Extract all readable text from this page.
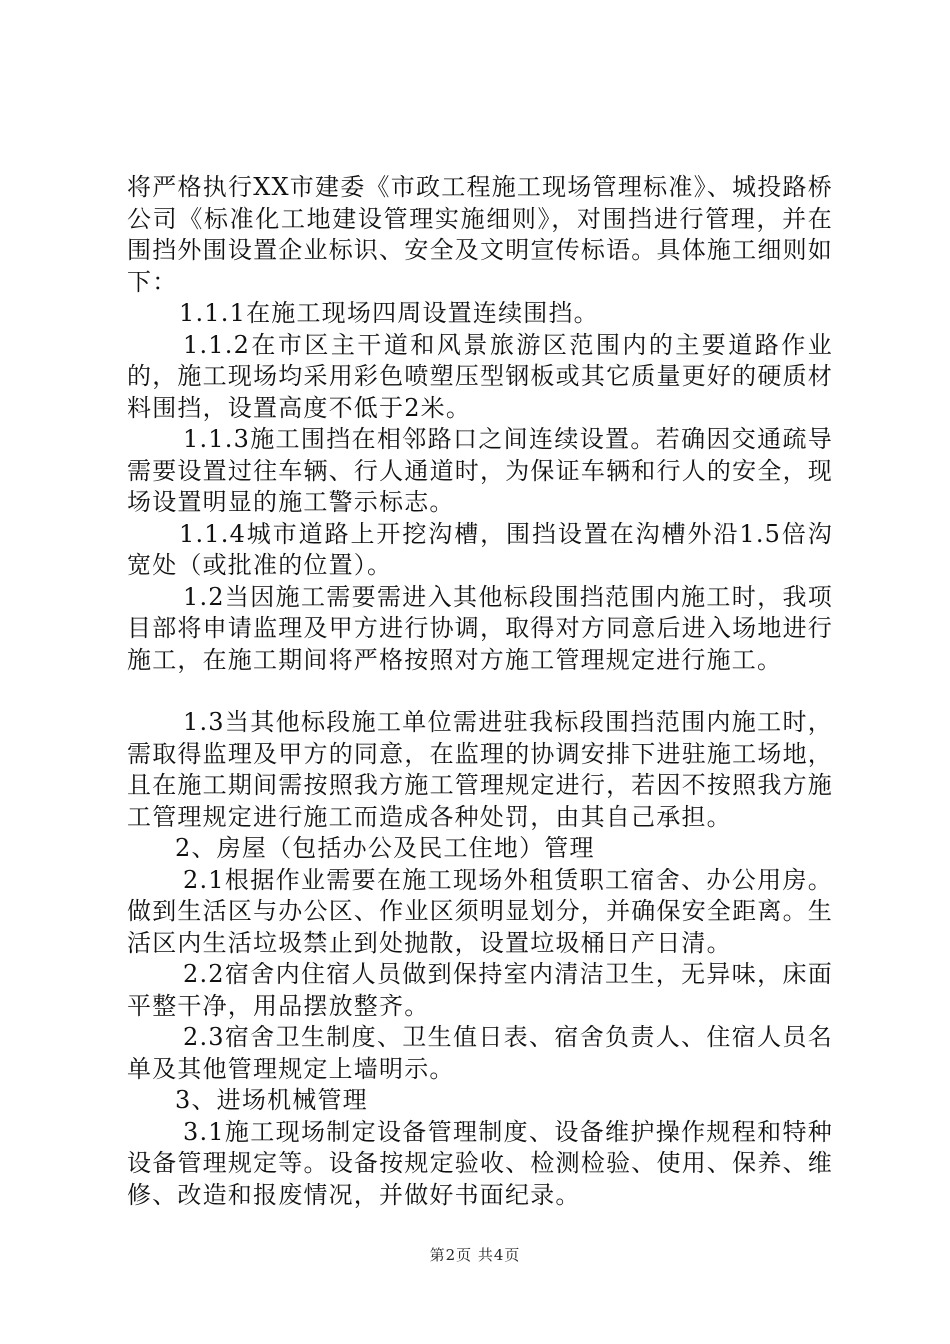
将严格执行XX市建委《市政工程施工现场管理标准》、城投路桥公司《标准化工地建设管理实施细则》，对围挡进行管理，并在围挡外围设置企业标识、安全及文明宣传标语。具体施工细则如下：

1.1.1在施工现场四周设置连续围挡。

1.1.2在市区主干道和风景旅游区范围内的主要道路作业的，施工现场均采用彩色喷塑压型钢板或其它质量更好的硬质材料围挡，设置高度不低于2米。

1.1.3施工围挡在相邻路口之间连续设置。若确因交通疏导需要设置过往车辆、行人通道时，为保证车辆和行人的安全，现场设置明显的施工警示标志。

1.1.4城市道路上开挖沟槽，围挡设置在沟槽外沿1.5倍沟宽处（或批准的位置）。

1.2当因施工需要需进入其他标段围挡范围内施工时，我项目部将申请监理及甲方进行协调，取得对方同意后进入场地进行施工，在施工期间将严格按照对方施工管理规定进行施工。

1.3当其他标段施工单位需进驻我标段围挡范围内施工时，需取得监理及甲方的同意，在监理的协调安排下进驻施工场地，且在施工期间需按照我方施工管理规定进行，若因不按照我方施工管理规定进行施工而造成各种处罚，由其自己承担。

2、房屋（包括办公及民工住地）管理

2.1根据作业需要在施工现场外租赁职工宿舍、办公用房。做到生活区与办公区、作业区须明显划分，并确保安全距离。生活区内生活垃圾禁止到处抛散，设置垃圾桶日产日清。

2.2宿舍内住宿人员做到保持室内清洁卫生，无异味，床面平整干净，用品摆放整齐。

2.3宿舍卫生制度、卫生值日表、宿舍负责人、住宿人员名单及其他管理规定上墙明示。

3、进场机械管理

3.1施工现场制定设备管理制度、设备维护操作规程和特种设备管理规定等。设备按规定验收、检测检验、使用、保养、维修、改造和报废情况，并做好书面纪录。

第2页 共4页
